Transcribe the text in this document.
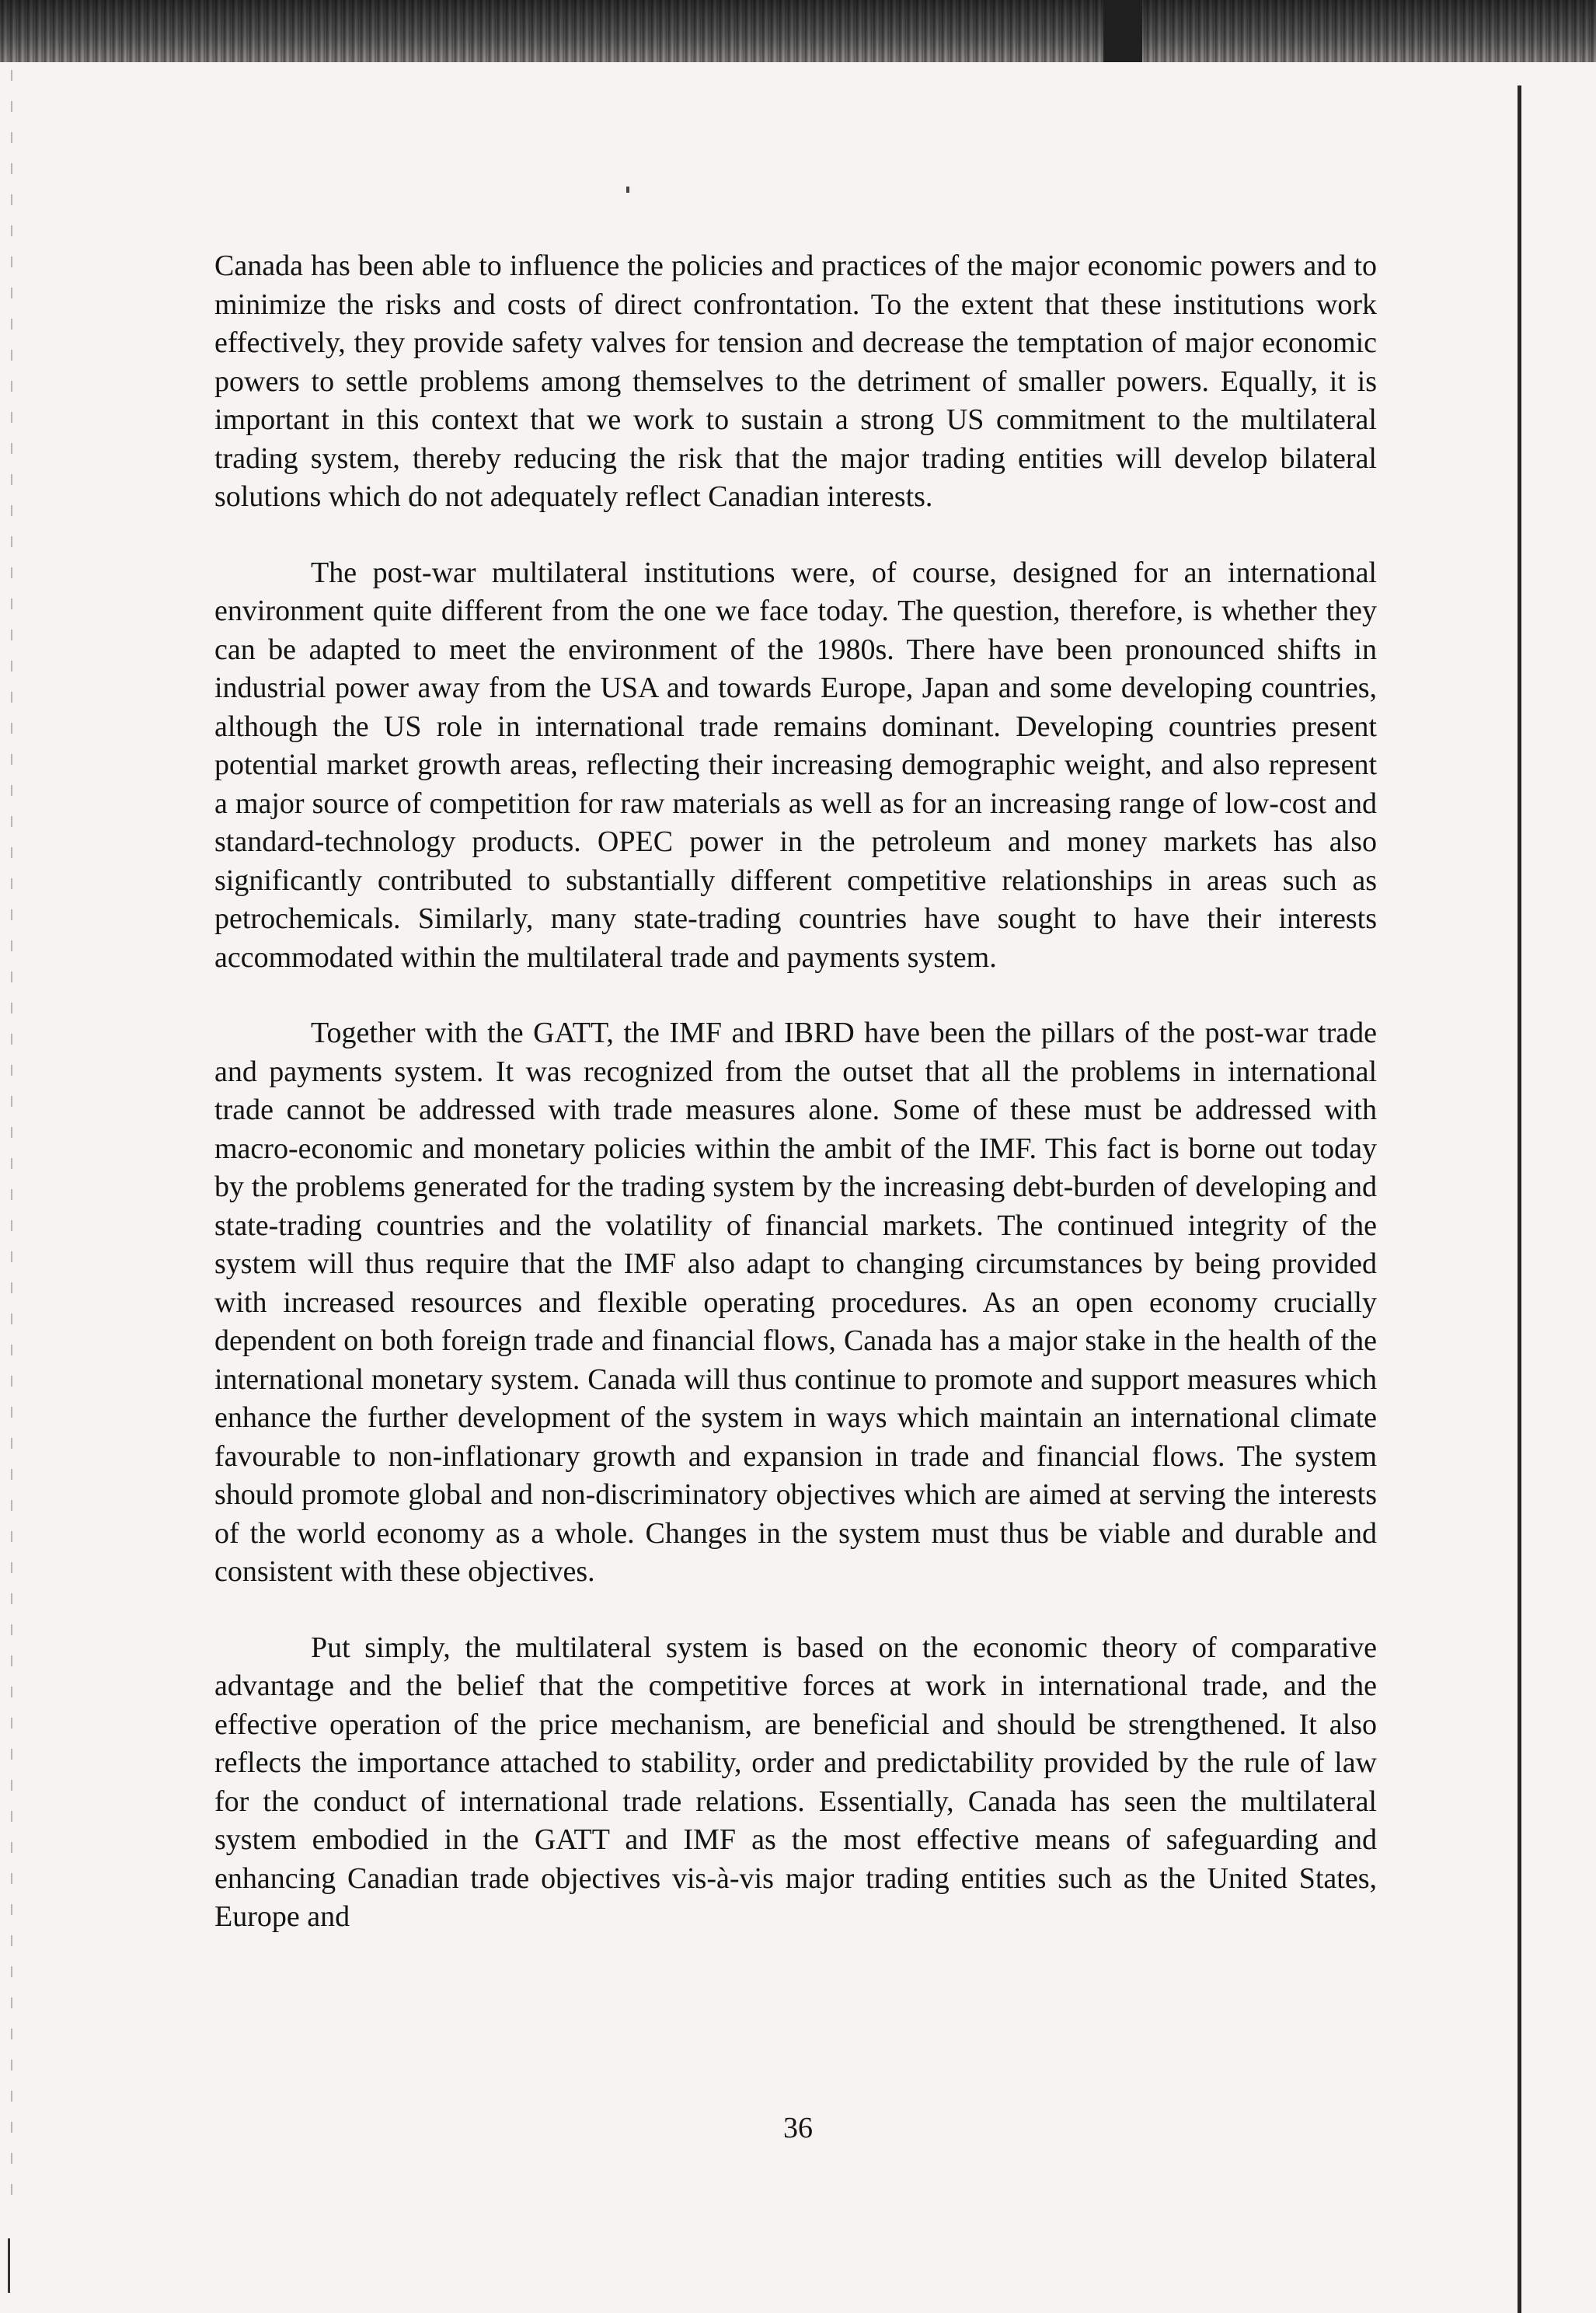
Canada has been able to influence the policies and practices of the major economic powers and to minimize the risks and costs of direct confrontation. To the extent that these institutions work effectively, they provide safety valves for tension and decrease the temptation of major economic powers to settle problems among themselves to the detriment of smaller powers. Equally, it is important in this context that we work to sustain a strong US commitment to the multilateral trading system, thereby reducing the risk that the major trading entities will develop bilateral solutions which do not adequately reflect Canadian interests.

The post-war multilateral institutions were, of course, designed for an international environment quite different from the one we face today. The question, therefore, is whether they can be adapted to meet the environment of the 1980s. There have been pronounced shifts in industrial power away from the USA and towards Europe, Japan and some developing countries, although the US role in international trade remains dominant. Developing countries present potential market growth areas, reflecting their increasing demographic weight, and also represent a major source of competition for raw materials as well as for an increasing range of low-cost and standard-technology products. OPEC power in the petroleum and money markets has also significantly contributed to substantially different competitive relationships in areas such as petrochemicals. Similarly, many state-trading countries have sought to have their interests accommodated within the multilateral trade and payments system.

Together with the GATT, the IMF and IBRD have been the pillars of the post-war trade and payments system. It was recognized from the outset that all the problems in international trade cannot be addressed with trade measures alone. Some of these must be addressed with macro-economic and monetary policies within the ambit of the IMF. This fact is borne out today by the problems generated for the trading system by the increasing debt-burden of developing and state-trading countries and the volatility of financial markets. The continued integrity of the system will thus require that the IMF also adapt to changing circumstances by being provided with increased resources and flexible operating procedures. As an open economy crucially dependent on both foreign trade and financial flows, Canada has a major stake in the health of the international monetary system. Canada will thus continue to promote and support measures which enhance the further development of the system in ways which maintain an international climate favourable to non-inflationary growth and expansion in trade and financial flows. The system should promote global and non-discriminatory objectives which are aimed at serving the interests of the world economy as a whole. Changes in the system must thus be viable and durable and consistent with these objectives.

Put simply, the multilateral system is based on the economic theory of comparative advantage and the belief that the competitive forces at work in international trade, and the effective operation of the price mechanism, are beneficial and should be strengthened. It also reflects the importance attached to stability, order and predictability provided by the rule of law for the conduct of international trade relations. Essentially, Canada has seen the multilateral system embodied in the GATT and IMF as the most effective means of safeguarding and enhancing Canadian trade objectives vis-à-vis major trading entities such as the United States, Europe and

36
